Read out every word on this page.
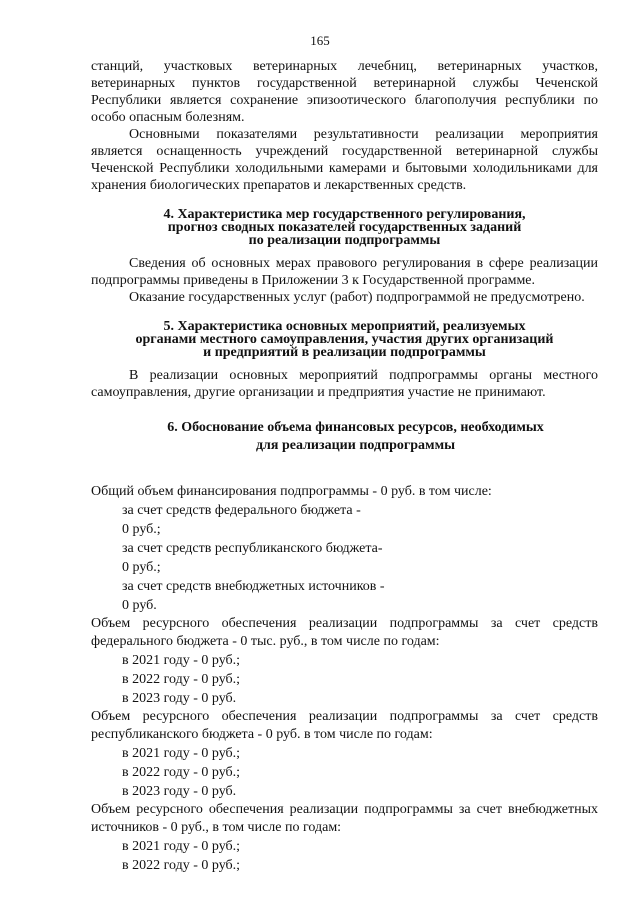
165

станций, участковых ветеринарных лечебниц, ветеринарных участков, ветеринарных пунктов государственной ветеринарной службы Чеченской Республики является сохранение эпизоотического благополучия республики по особо опасным болезням.

Основными показателями результативности реализации мероприятия является оснащенность учреждений государственной ветеринарной службы Чеченской Республики холодильными камерами и бытовыми холодильниками для хранения биологических препаратов и лекарственных средств.

4. Характеристика мер государственного регулирования,
прогноз сводных показателей государственных заданий
по реализации подпрограммы

Сведения об основных мерах правового регулирования в сфере реализации подпрограммы приведены в Приложении 3 к Государственной программе.

Оказание государственных услуг (работ) подпрограммой не предусмотрено.

5. Характеристика основных мероприятий, реализуемых
органами местного самоуправления, участия других организаций
и предприятий в реализации подпрограммы

В реализации основных мероприятий подпрограммы органы местного самоуправления, другие организации и предприятия участие не принимают.

6. Обоснование объема финансовых ресурсов, необходимых
для реализации подпрограммы

Общий объем финансирования подпрограммы - 0 руб. в том числе:

за счет средств федерального бюджета -

0 руб.;

за счет средств республиканского бюджета-

0 руб.;

за счет средств внебюджетных источников -

0 руб.

Объем ресурсного обеспечения реализации подпрограммы за счет средств федерального бюджета - 0 тыс. руб., в том числе по годам:

в 2021 году - 0 руб.;

в 2022 году - 0 руб.;

в 2023 году - 0 руб.

Объем ресурсного обеспечения реализации подпрограммы за счет средств республиканского бюджета - 0 руб. в том числе по годам:

в 2021 году - 0 руб.;

в 2022 году - 0 руб.;

в 2023 году - 0 руб.

Объем ресурсного обеспечения реализации подпрограммы за счет внебюджетных источников - 0 руб., в том числе по годам:

в 2021 году - 0 руб.;

в 2022 году - 0 руб.;
